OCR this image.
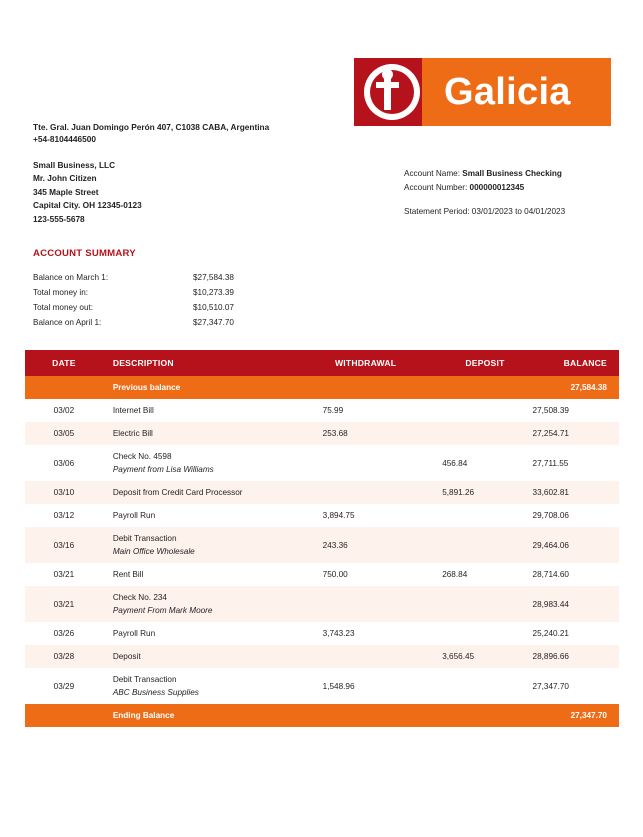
Galicia
Tte. Gral. Juan Domingo Perón 407, C1038 CABA, Argentina
+54-8104446500
Small Business, LLC
Mr. John Citizen
345 Maple Street
Capital City. OH 12345-0123
123-555-5678
Account Name: Small Business Checking
Account Number: 000000012345
Statement Period: 03/01/2023 to 04/01/2023
ACCOUNT SUMMARY
Balance on March 1:	$27,584.38
Total money in:	$10,273.39
Total money out:	$10,510.07
Balance on April 1:	$27,347.70
DATE	DESCRIPTION	WITHDRAWAL	DEPOSIT	BALANCE
	Previous balance			27,584.38
03/02	Internet Bill	75.99		27,508.39
03/05	Electric Bill	253.68		27,254.71
03/06	Check No. 4598
Payment from Lisa Williams		456.84	27,711.55
03/10	Deposit from Credit Card Processor		5,891.26	33,602.81
03/12	Payroll Run	3,894.75		29,708.06
03/16	Debit Transaction
Main Office Wholesale	243.36		29,464.06
03/21	Rent Bill	750.00	268.84	28,714.60
03/21	Check No. 234
Payment From Mark Moore			28,983.44
03/26	Payroll Run	3,743.23		25,240.21
03/28	Deposit		3,656.45	28,896.66
03/29	Debit Transaction
ABC Business Supplies	1,548.96		27,347.70
	Ending Balance			27,347.70
